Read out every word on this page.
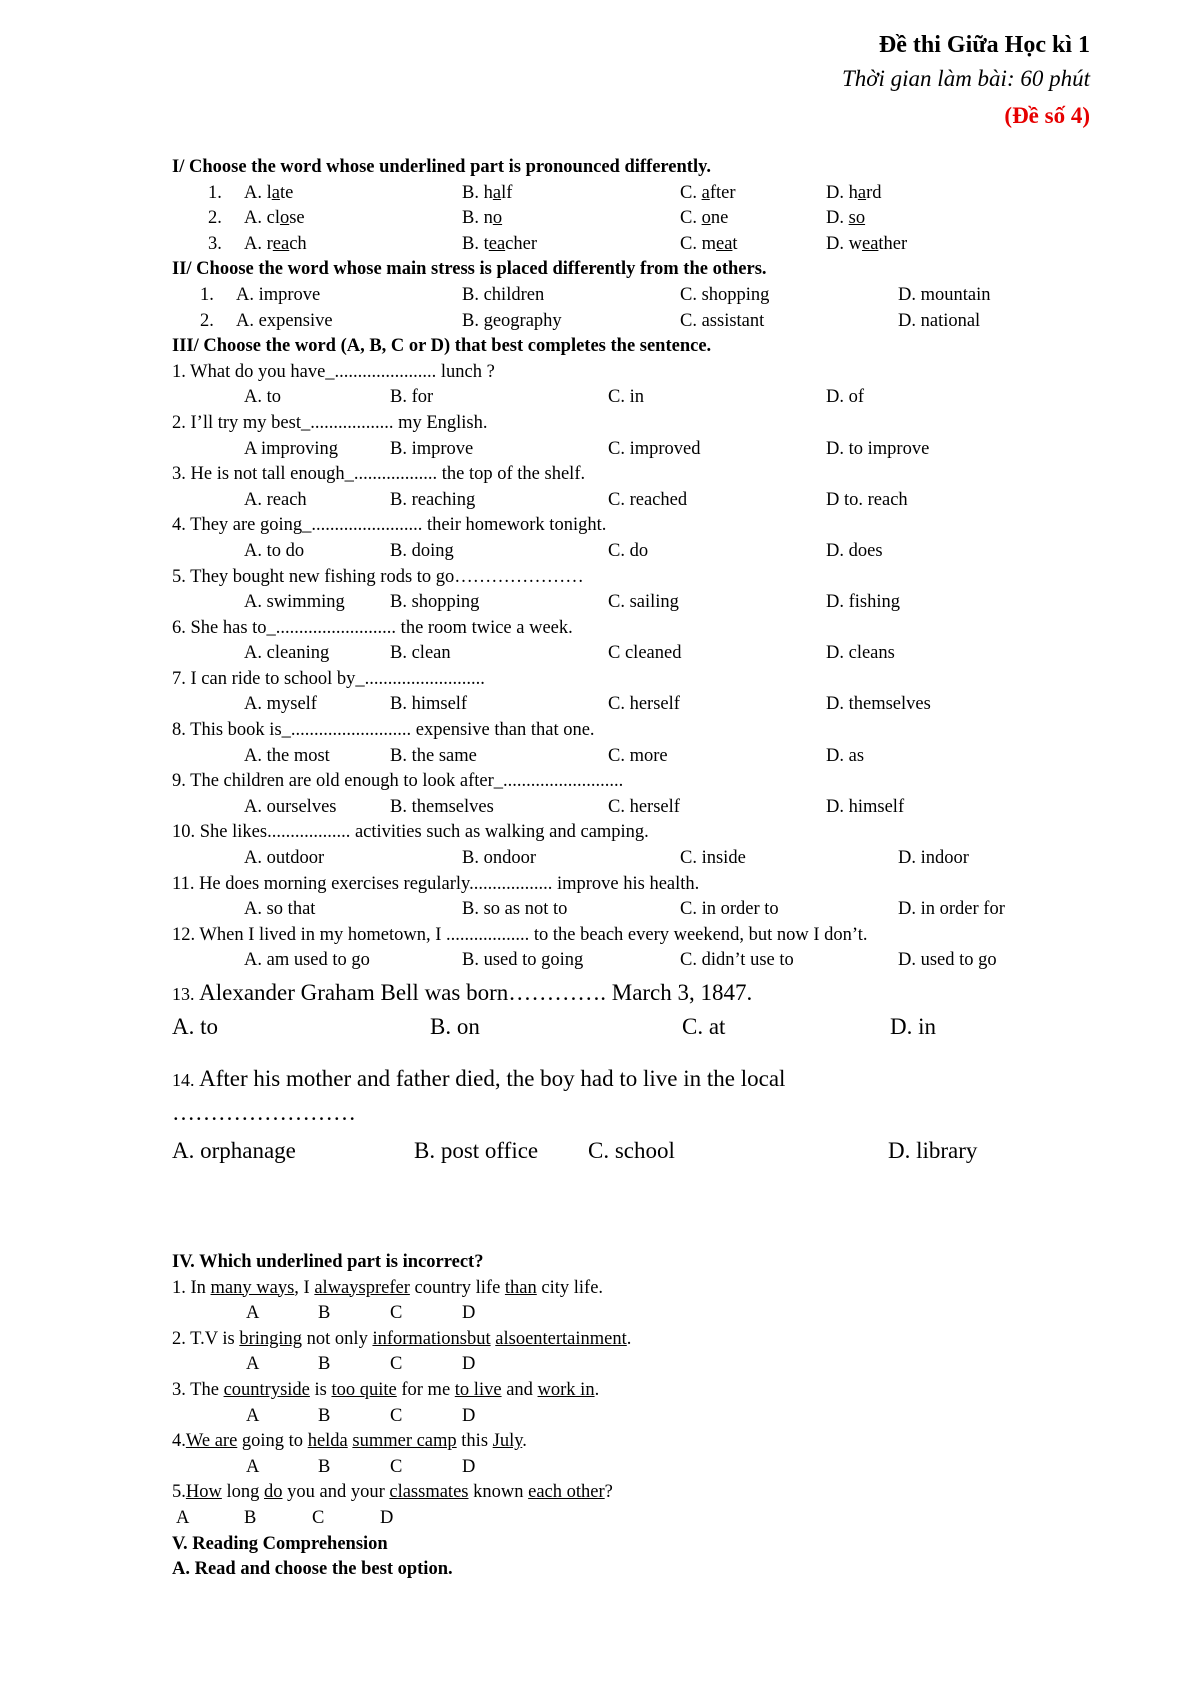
Đề thi Giữa Học kì 1
Thời gian làm bài: 60 phút
(Đề số 4)
I/ Choose the word whose underlined part is pronounced differently.
1. A. late	B. half	C. after	D. hard
2. A. close	B. no	C. one	D. so
3. A. reach	B. teacher	C. meat	D. weather
II/ Choose the word whose main stress is placed differently from the others.
1. A. improve	B. children	C. shopping	D. mountain
2. A. expensive	B. geography	C. assistant	D. national
III/ Choose the word (A, B, C or D) that best completes the sentence.
1. What do you have_...................... lunch ?
A. to	B. for	C. in	D. of
2. I’ll try my best_.................. my English.
A improving	B. improve	C. improved	D. to improve
3. He is not tall enough_.................. the top of the shelf.
A. reach	B. reaching	C. reached	D to. reach
4. They are going_........................ their homework tonight.
A. to do	B. doing	C. do	D. does
5. They bought new fishing rods to go…………………
A. swimming B. shopping	C. sailing	D. fishing
6. She has to_.......................... the room twice a week.
A. cleaning	B. clean	C cleaned	D. cleans
7. I can ride to school by_..........................
A. myself	B. himself	C. herself	D. themselves
8. This book is_.......................... expensive than that one.
A. the most	B. the same	C. more	D. as
9. The children are old enough to look after_..........................
A. ourselves	B. themselves	C. herself	D. himself
10. She likes.................. activities such as walking and camping.
A. outdoor	B. ondoor	C. inside	D. indoor
11. He does morning exercises regularly.................. improve his health.
A. so that	B. so as not to	C. in order to	D. in order for
12. When I lived in my hometown, I .................. to the beach every weekend, but now I don’t.
A. am used to go	B. used to going	C. didn’t use to	D. used to go
13. Alexander Graham Bell was born…………. March 3, 1847.
A. to	B. on	C. at	D. in
14. After his mother and father died, the boy had to live in the local
……………………
A. orphanage	B. post office C. school	D. library
IV. Which underlined part is incorrect?
1. In many ways, I alwaysprefer country life than city life.
A	B	C	D
2. T.V is bringing not only informationsbut alsoentertainment.
A	B	C	D
3. The countryside is too quite for me to live and work in.
A	B	C	D
4.We are going to helda summer camp this July.
A	B	C	D
5.How long do you and your classmates known each other?
A	B	C	D
V. Reading Comprehension
A. Read and choose the best option.
